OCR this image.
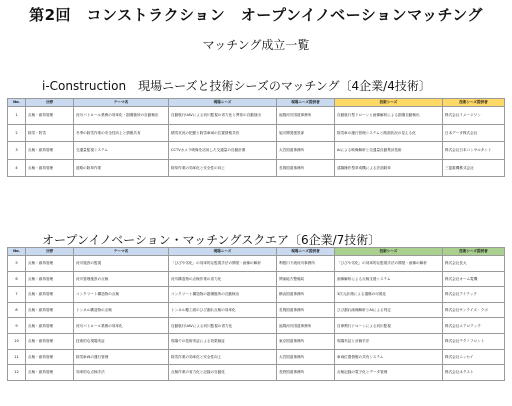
第2回　コンストラクション　オープンイノベーションマッチング
マッチング成立一覧
i-Construction　現場ニーズと技術シーズのマッチング〔4企業/4技術〕
No.	分野	テーマ名	現場ニーズ	現場ニーズ提供者	技術シーズ	技術シーズ提供者
1	点検・維持管理	河川パトロール業務の効率化・損傷箇所の自動検出	自動航行UAVによる河川監視の省力化と異常の自動抽出	福岡河川国道事務所	自動航行型ドローンと画像解析による損傷自動検出	株式会社イメージワン
2	除雪・防雪	冬季の除雪作業の安全性向上と情報共有	積雪状況の把握と除雪車両の位置情報共有	旭川開発建設部	除雪車の運行管理システムと路面状況の見える化	日本データ株式会社
3	点検・維持管理	交通量監視システム	CCTVカメラ映像を活用した交通量の自動計測	大宮国道事務所	AIによる映像解析と交通量自動集計技術	株式会社日本コンサルタント
4	点検・維持管理	道路の除草作業	除草作業の効率化と安全性の向上	長岡国道事務所	遠隔操作型草刈機による法面除草	三菱重機株式会社
オープンイノベーション・マッチングスクエア〔6企業/7技術〕
No.	分野	テーマ名	現場ニーズ	現場ニーズ提供者	技術シーズ	技術シーズ提供者
5	点検・維持管理	河川施設の監視	「ひびや劣化」の効率的な監視手法の開発・画像の解析	利根川下流河川事務所	「ひびや劣化」の効率的な監視手法の開発・画像の解析	株式会社長大
6	点検・維持管理	河川管理施設の点検	河川構造物の点検作業の省力化	関東地方整備局	画像解析による点検支援システム	株式会社オーム電機
7	点検・維持管理	コンクリート構造物の点検	コンクリート構造物の損傷箇所の自動検出	横浜国道事務所	3次元計測による損傷の可視化	株式会社アイテック
8	点検・維持管理	トンネル構造物の点検	トンネル覆工面のひび割れ点検の効率化	長岡国道事務所	ひび割れ画像解析とAIによる判定	株式会社サンライズ・ラボ
9	点検・維持管理	河川パトロール業務の効率化	自動航行UAVによる河川監視の省力化	福岡河川国道事務所	自律飛行ドローンによる河川監視	株式会社エアロテック
10	点検・維持管理	技術的な現場実証	現場での技術実証による効果検証	東京国道事務所	現場実証と評価手法	株式会社テクノフロント
11	点検・維持管理	除雪車両の運行管理	除雪作業の効率化と安全性向上	大宮国道事務所	車両位置情報の共有システム	株式会社ニッセイ
12	点検・維持管理	効率的な点検手法	点検作業の省力化と記録の自動化	長野国道事務所	点検記録の電子化とデータ管理	株式会社ネクスト
